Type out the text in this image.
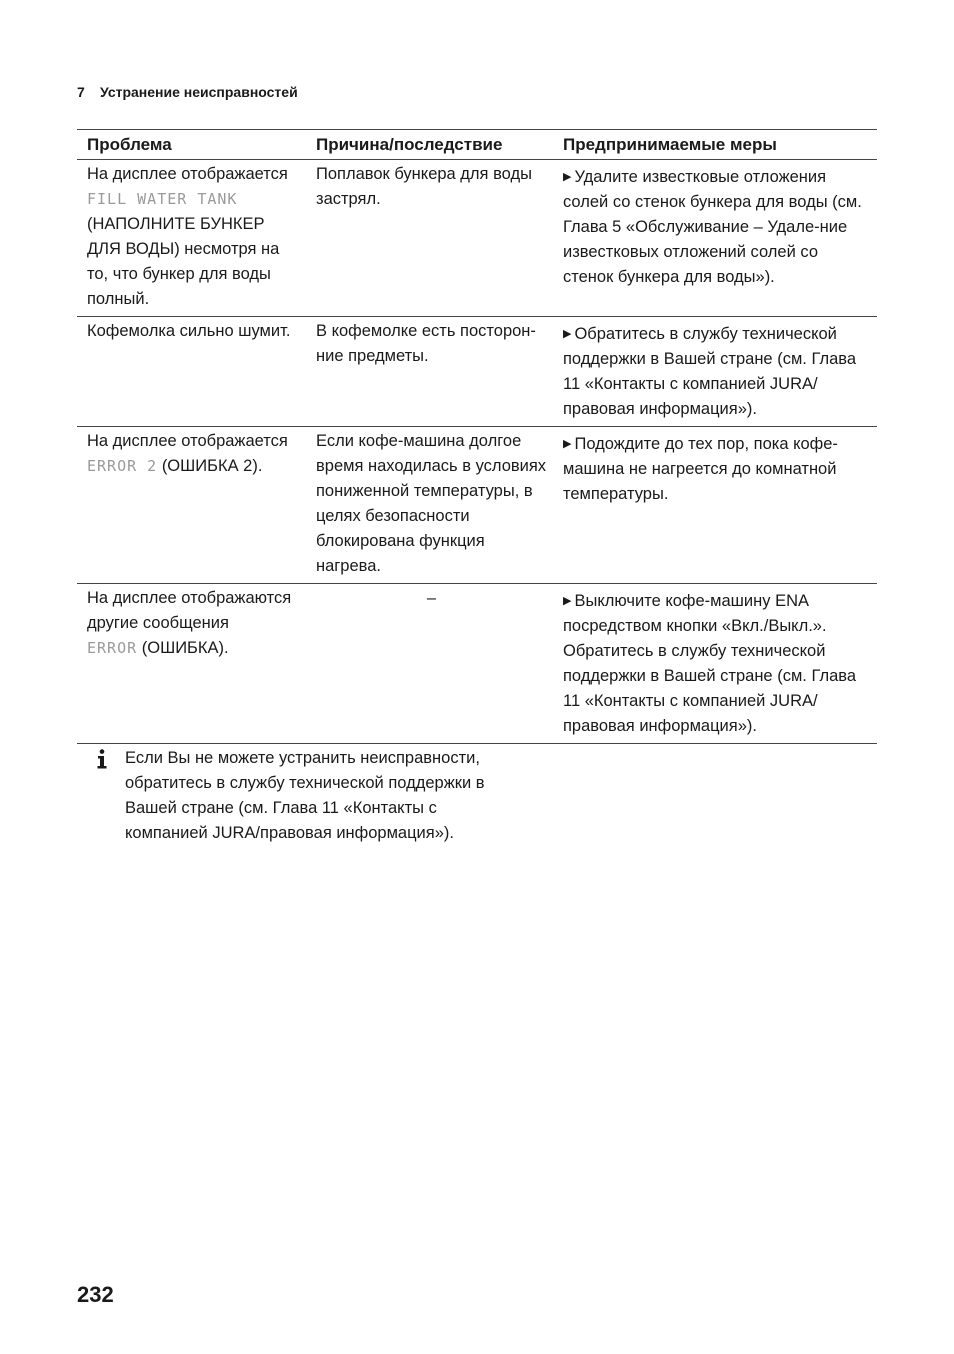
7 Устранение неисправностей
Проблема	Причина/последствие	Предпринимаемые меры
На дисплее отображается
FILL WATER TANK
(НАПОЛНИТЕ БУНКЕР ДЛЯ ВОДЫ) несмотря на то, что бункер для воды полный.	Поплавок бункера для воды застрял.	▶ Удалите известковые отложения солей со стенок бункера для воды (см. Глава 5 «Обслуживание – Удале-ние известковых отложений солей со стенок бункера для воды»).
Кофемолка сильно шумит.	В кофемолке есть посторон-ние предметы.	▶ Обратитесь в службу технической поддержки в Вашей стране (см. Глава 11 «Контакты с компанией JURA/ правовая информация»).
На дисплее отображается
ERROR 2 (ОШИБКА 2).	Если кофе-машина долгое время находилась в условиях пониженной температуры, в целях безопасности блокирована функция нагрева.	▶ Подождите до тех пор, пока кофе-машина не нагреется до комнатной температуры.
На дисплее отображаются другие сообщения
ERROR (ОШИБКА).	–	▶ Выключите кофе-машину ENA посредством кнопки «Вкл./Выкл.». Обратитесь в службу технической поддержки в Вашей стране (см. Глава 11 «Контакты с компанией JURA/правовая информация»).
Если Вы не можете устранить неисправности, обратитесь в службу технической поддержки в Вашей стране (см. Глава 11 «Контакты с компанией JURA/правовая информация»).
232
